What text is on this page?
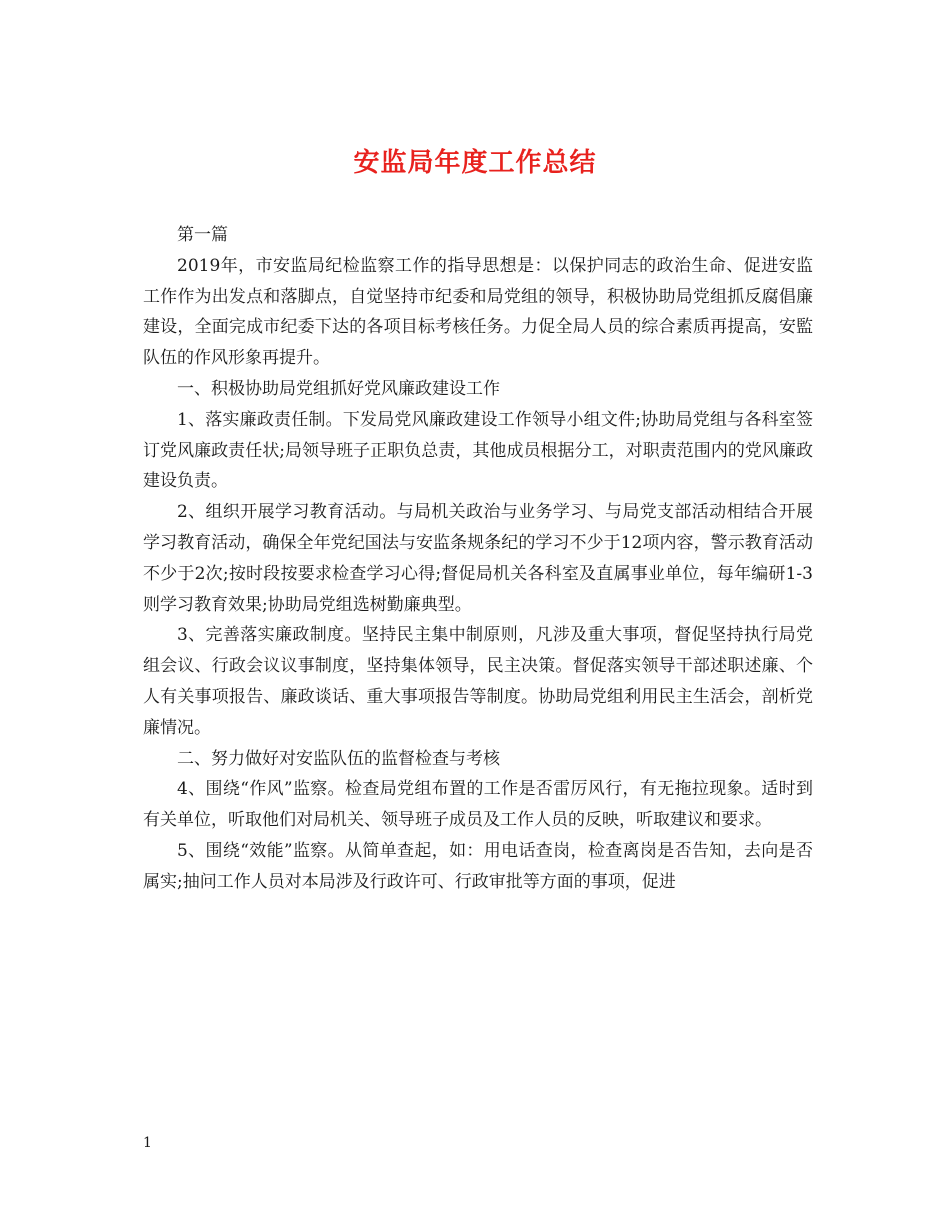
安监局年度工作总结

第一篇

2019年，市安监局纪检监察工作的指导思想是：以保护同志的政治生命、促进安监工作作为出发点和落脚点，自觉坚持市纪委和局党组的领导，积极协助局党组抓反腐倡廉建设，全面完成市纪委下达的各项目标考核任务。力促全局人员的综合素质再提高，安監队伍的作风形象再提升。

一、积极协助局党组抓好党风廉政建设工作

1、落实廉政责任制。下发局党风廉政建设工作领导小组文件;协助局党组与各科室签订党风廉政责任状;局领导班子正职负总责，其他成员根据分工，对职责范围内的党风廉政建设负责。

2、组织开展学习教育活动。与局机关政治与业务学习、与局党支部活动相结合开展学习教育活动，确保全年党纪国法与安监条规条纪的学习不少于12项内容，警示教育活动不少于2次;按时段按要求检查学习心得;督促局机关各科室及直属事业单位，每年编研1-3则学习教育效果;协助局党组选树勤廉典型。

3、完善落实廉政制度。坚持民主集中制原则，凡涉及重大事项，督促坚持执行局党组会议、行政会议议事制度，坚持集体领导，民主决策。督促落实领导干部述职述廉、个人有关事项报告、廉政谈话、重大事项报告等制度。协助局党组利用民主生活会，剖析党廉情况。

二、努力做好对安监队伍的监督检查与考核

4、围绕“作风”监察。检查局党组布置的工作是否雷厉风行，有无拖拉现象。适时到有关单位，听取他们对局机关、领导班子成员及工作人员的反映，听取建议和要求。

5、围绕“效能”监察。从简单查起，如：用电话查岗，检查离岗是否告知，去向是否属实;抽问工作人员对本局涉及行政许可、行政审批等方面的事项，促进

1
